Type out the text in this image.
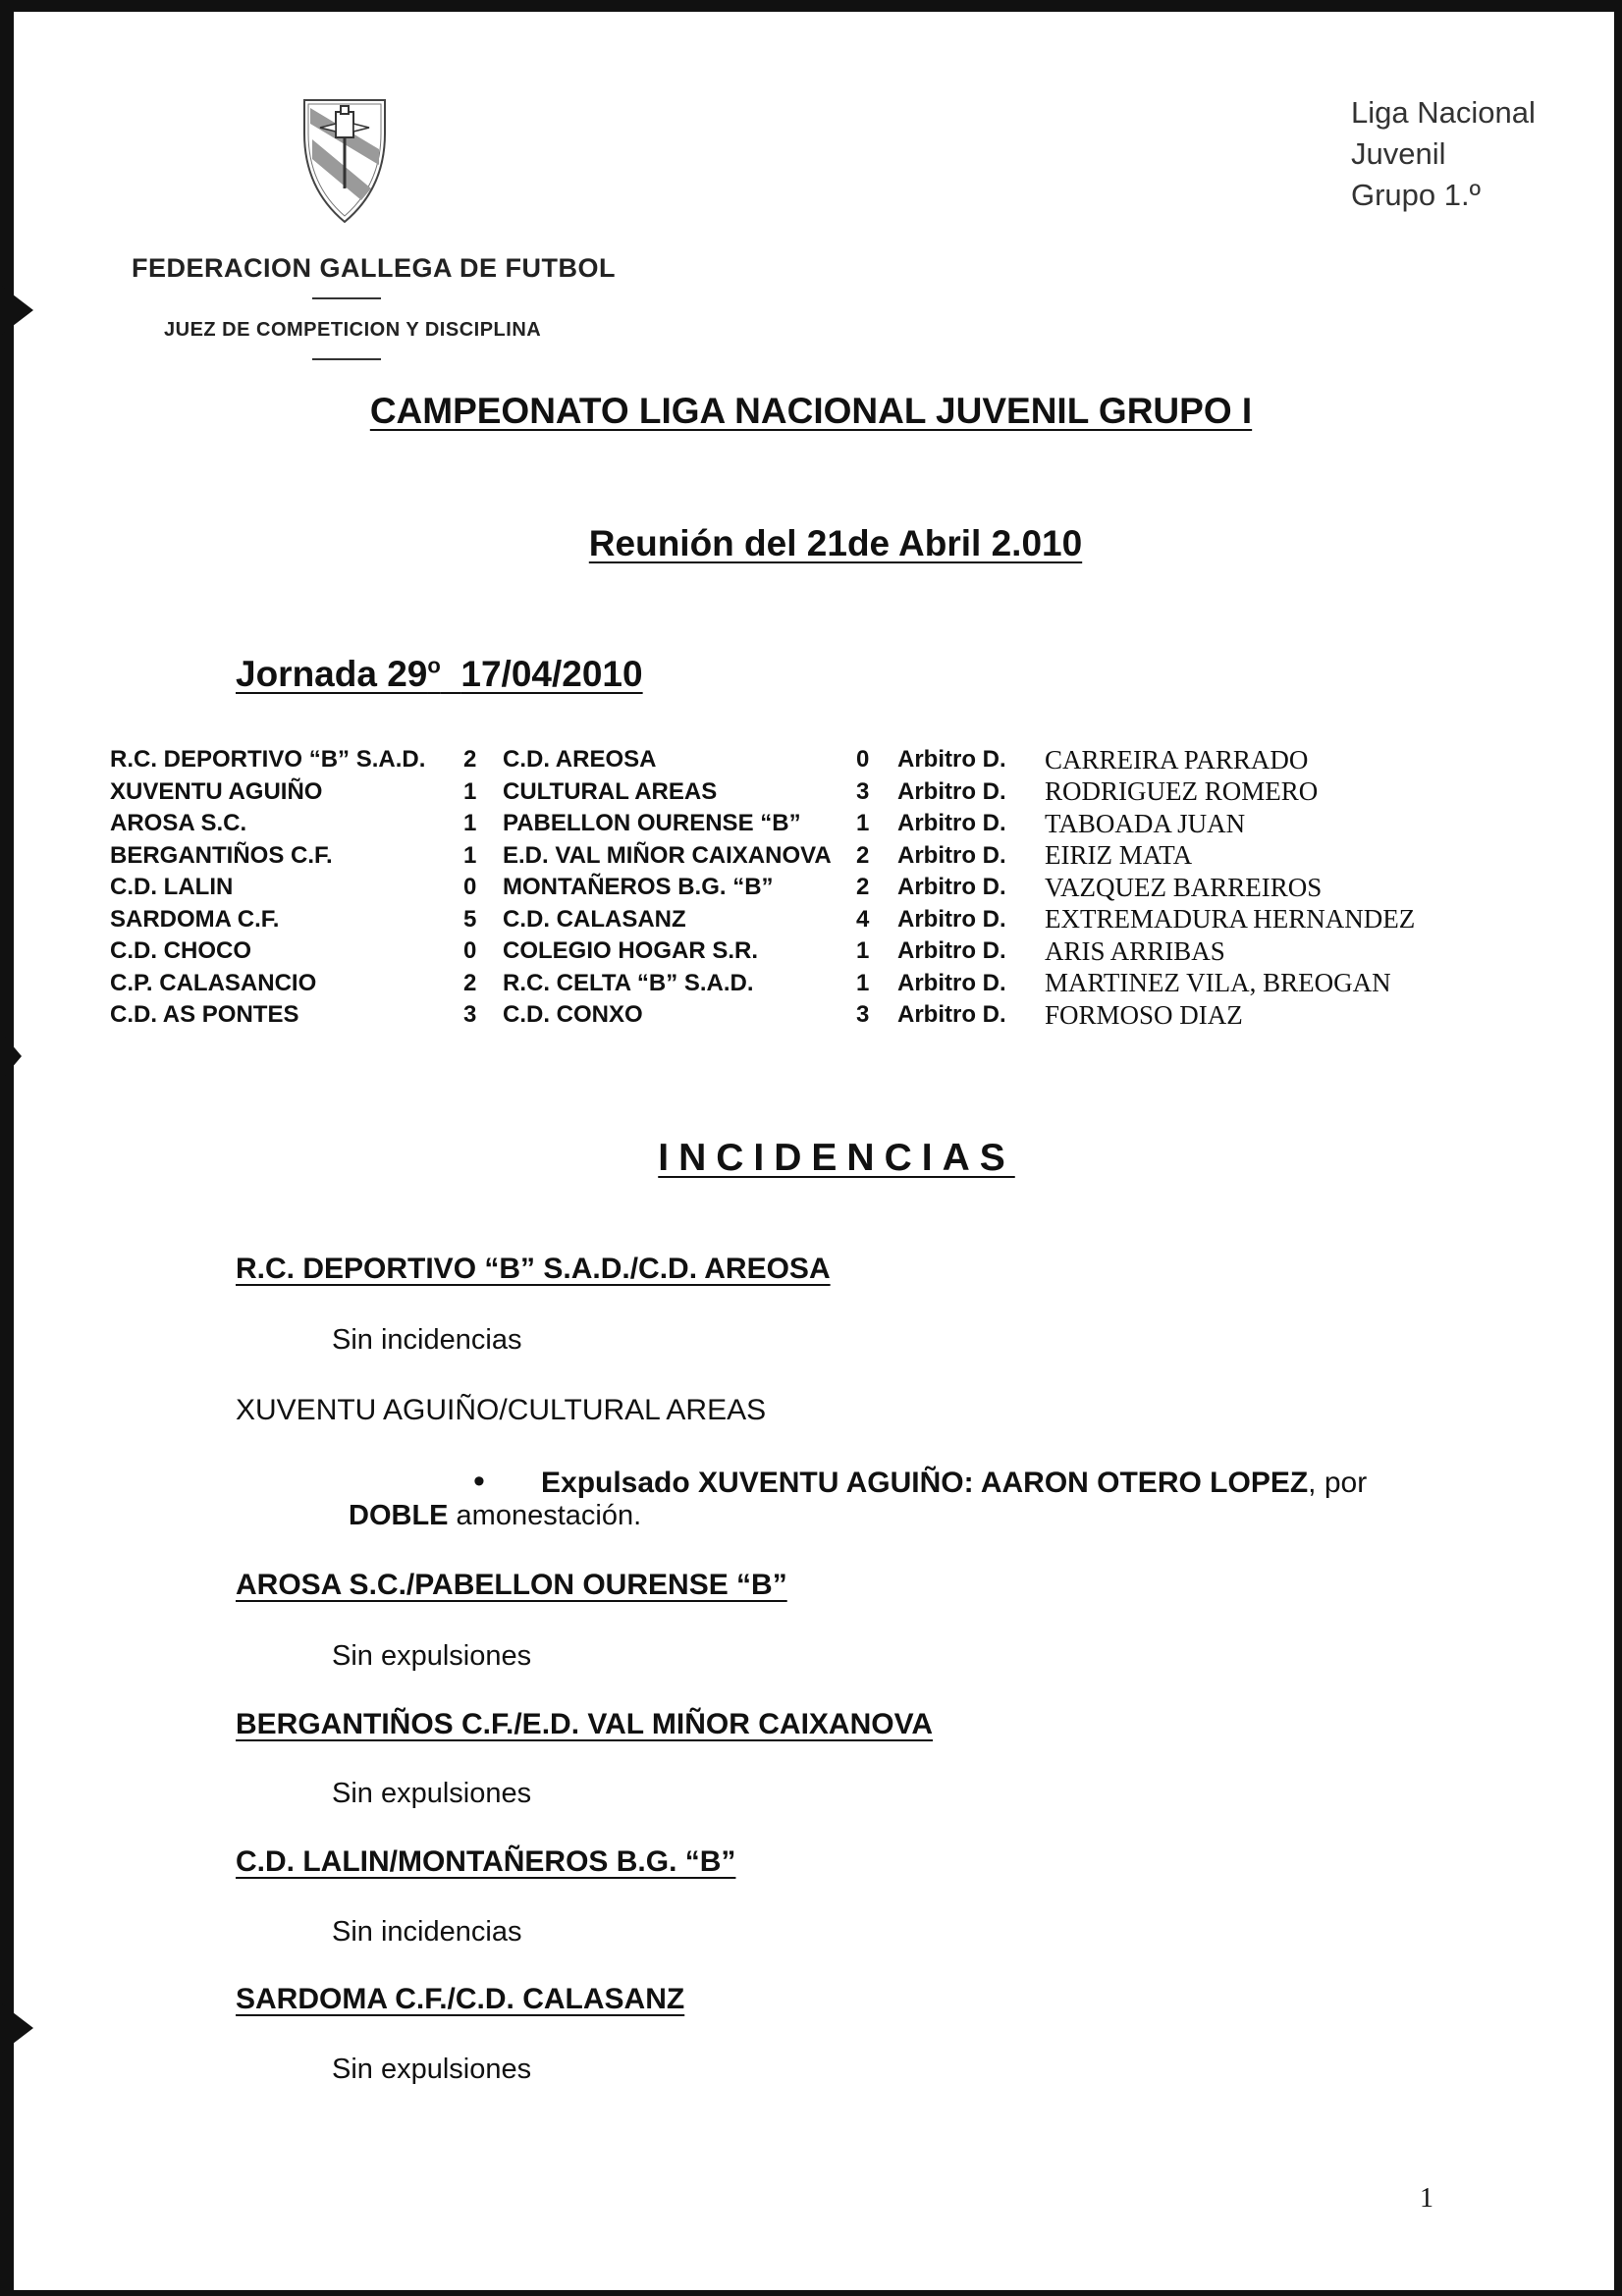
FEDERACION GALLEGA DE FUTBOL
JUEZ DE COMPETICION Y DISCIPLINA
Liga Nacional
Juvenil
Grupo 1.º
CAMPEONATO LIGA NACIONAL JUVENIL GRUPO I
Reunión del 21de Abril 2.010
Jornada 29$^o$ 17/04/2010
R.C. DEPORTIVO “B” S.A.D.	2	C.D. AREOSA	0	Arbitro D.	CARREIRA PARRADO
XUVENTU AGUIÑO	1	CULTURAL AREAS	3	Arbitro D.	RODRIGUEZ ROMERO
AROSA S.C.	1	PABELLON OURENSE “B”	1	Arbitro D.	TABOADA JUAN
BERGANTIÑOS C.F.	1	E.D. VAL MIÑOR CAIXANOVA	2	Arbitro D.	EIRIZ MATA
C.D. LALIN	0	MONTAÑEROS B.G. “B”	2	Arbitro D.	VAZQUEZ BARREIROS
SARDOMA C.F.	5	C.D. CALASANZ	4	Arbitro D.	EXTREMADURA HERNANDEZ
C.D. CHOCO	0	COLEGIO HOGAR S.R.	1	Arbitro D.	ARIS ARRIBAS
C.P. CALASANCIO	2	R.C. CELTA “B” S.A.D.	1	Arbitro D.	MARTINEZ VILA, BREOGAN
C.D. AS PONTES	3	C.D. CONXO	3	Arbitro D.	FORMOSO DIAZ
INCIDENCIAS
R.C. DEPORTIVO “B” S.A.D./C.D. AREOSA
Sin incidencias
XUVENTU AGUIÑO/CULTURAL AREAS
• Expulsado XUVENTU AGUIÑO: AARON OTERO LOPEZ, por
DOBLE amonestación.
AROSA S.C./PABELLON OURENSE “B”
Sin expulsiones
BERGANTIÑOS C.F./E.D. VAL MIÑOR CAIXANOVA
Sin expulsiones
C.D. LALIN/MONTAÑEROS B.G. “B”
Sin incidencias
SARDOMA C.F./C.D. CALASANZ
Sin expulsiones
1
